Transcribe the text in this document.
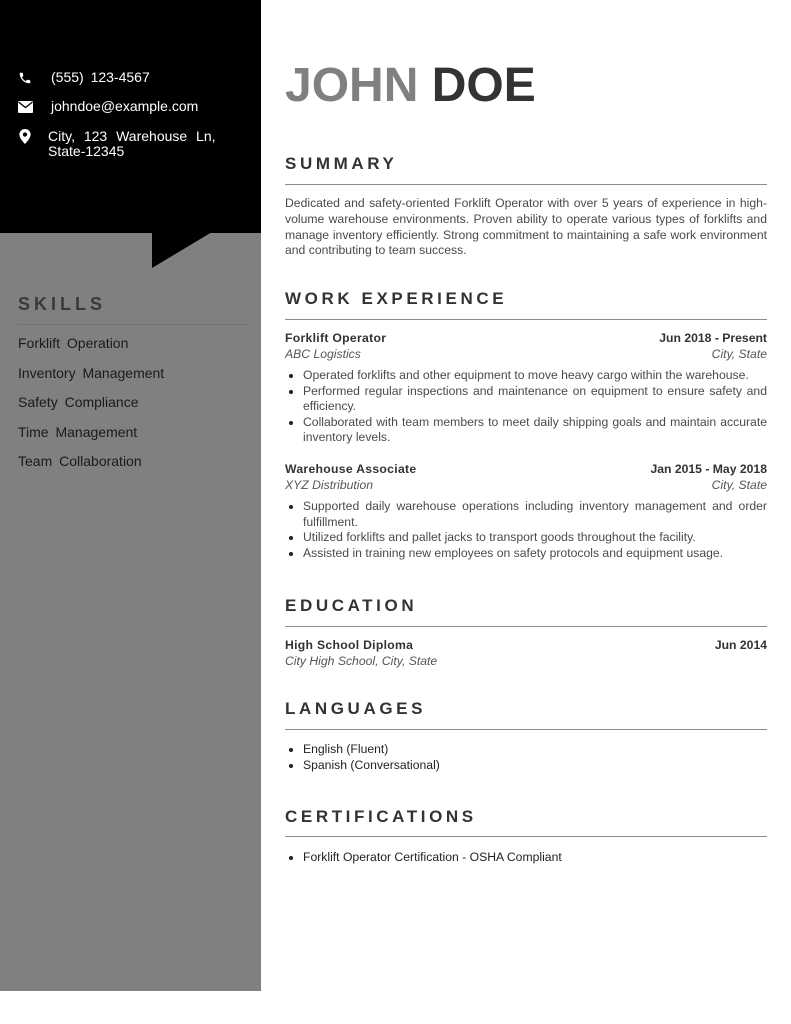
(555) 123-4567
johndoe@example.com
City, 123 Warehouse Ln, State-12345
SKILLS
Forklift Operation
Inventory Management
Safety Compliance
Time Management
Team Collaboration
JOHN DOE
SUMMARY

Dedicated and safety-oriented Forklift Operator with over 5 years of experience in high-volume warehouse environments. Proven ability to operate various types of forklifts and manage inventory efficiently. Strong commitment to maintaining a safe work environment and contributing to team success.

WORK EXPERIENCE
Forklift Operator	Jun 2018 - Present
ABC Logistics	City, State
• Operated forklifts and other equipment to move heavy cargo within the warehouse.
• Performed regular inspections and maintenance on equipment to ensure safety and efficiency.
• Collaborated with team members to meet daily shipping goals and maintain accurate inventory levels.
Warehouse Associate	Jan 2015 - May 2018
XYZ Distribution	City, State
• Supported daily warehouse operations including inventory management and order fulfillment.
• Utilized forklifts and pallet jacks to transport goods throughout the facility.
• Assisted in training new employees on safety protocols and equipment usage.
EDUCATION
High School Diploma	Jun 2014
City High School, City, State
LANGUAGES
• English (Fluent)
• Spanish (Conversational)
CERTIFICATIONS
• Forklift Operator Certification - OSHA Compliant
